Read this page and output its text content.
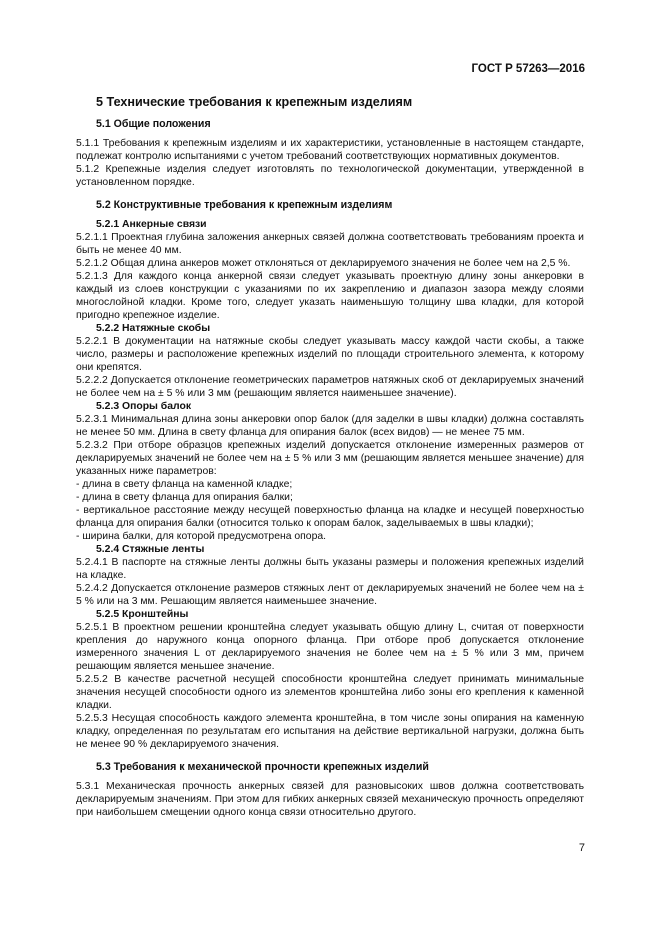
ГОСТ Р 57263—2016
5 Технические требования к крепежным изделиям
5.1 Общие положения

5.1.1 Требования к крепежным изделиям и их характеристики, установленные в настоящем стандарте, подлежат контролю испытаниями с учетом требований соответствующих нормативных документов.

5.1.2 Крепежные изделия следует изготовлять по технологической документации, утвержденной в установленном порядке.

5.2 Конструктивные требования к крепежным изделиям
5.2.1 Анкерные связи

5.2.1.1 Проектная глубина заложения анкерных связей должна соответствовать требованиям проекта и быть не менее 40 мм.

5.2.1.2 Общая длина анкеров может отклоняться от декларируемого значения не более чем на 2,5 %.

5.2.1.3 Для каждого конца анкерной связи следует указывать проектную длину зоны анкеровки в каждый из слоев конструкции с указаниями по их закреплению и диапазон зазора между слоями многослойной кладки. Кроме того, следует указать наименьшую толщину шва кладки, для которой пригодно крепежное изделие.

5.2.2 Натяжные скобы

5.2.2.1 В документации на натяжные скобы следует указывать массу каждой части скобы, а также число, размеры и расположение крепежных изделий по площади строительного элемента, к которому они крепятся.

5.2.2.2 Допускается отклонение геометрических параметров натяжных скоб от декларируемых значений не более чем на ± 5 % или 3 мм (решающим является наименьшее значение).

5.2.3 Опоры балок

5.2.3.1 Минимальная длина зоны анкеровки опор балок (для заделки в швы кладки) должна составлять не менее 50 мм. Длина в свету фланца для опирания балок (всех видов) — не менее 75 мм.

5.2.3.2 При отборе образцов крепежных изделий допускается отклонение измеренных размеров от декларируемых значений не более чем на ± 5 % или 3 мм (решающим является меньшее значение) для указанных ниже параметров:

- длина в свету фланца на каменной кладке;

- длина в свету фланца для опирания балки;

- вертикальное расстояние между несущей поверхностью фланца на кладке и несущей поверхностью фланца для опирания балки (относится только к опорам балок, заделываемых в швы кладки);

- ширина балки, для которой предусмотрена опора.

5.2.4 Стяжные ленты

5.2.4.1 В паспорте на стяжные ленты должны быть указаны размеры и положения крепежных изделий на кладке.

5.2.4.2 Допускается отклонение размеров стяжных лент от декларируемых значений не более чем на ± 5 % или на 3 мм. Решающим является наименьшее значение.

5.2.5 Кронштейны

5.2.5.1 В проектном решении кронштейна следует указывать общую длину L, считая от поверхности крепления до наружного конца опорного фланца. При отборе проб допускается отклонение измеренного значения L от декларируемого значения не более чем на ± 5 % или 3 мм, причем решающим является меньшее значение.

5.2.5.2 В качестве расчетной несущей способности кронштейна следует принимать минимальные значения несущей способности одного из элементов кронштейна либо зоны его крепления к каменной кладки.

5.2.5.3 Несущая способность каждого элемента кронштейна, в том числе зоны опирания на каменную кладку, определенная по результатам его испытания на действие вертикальной нагрузки, должна быть не менее 90 % декларируемого значения.

5.3 Требования к механической прочности крепежных изделий

5.3.1 Механическая прочность анкерных связей для разновысоких швов должна соответствовать декларируемым значениям. При этом для гибких анкерных связей механическую прочность определяют при наибольшем смещении одного конца связи относительно другого.

7
